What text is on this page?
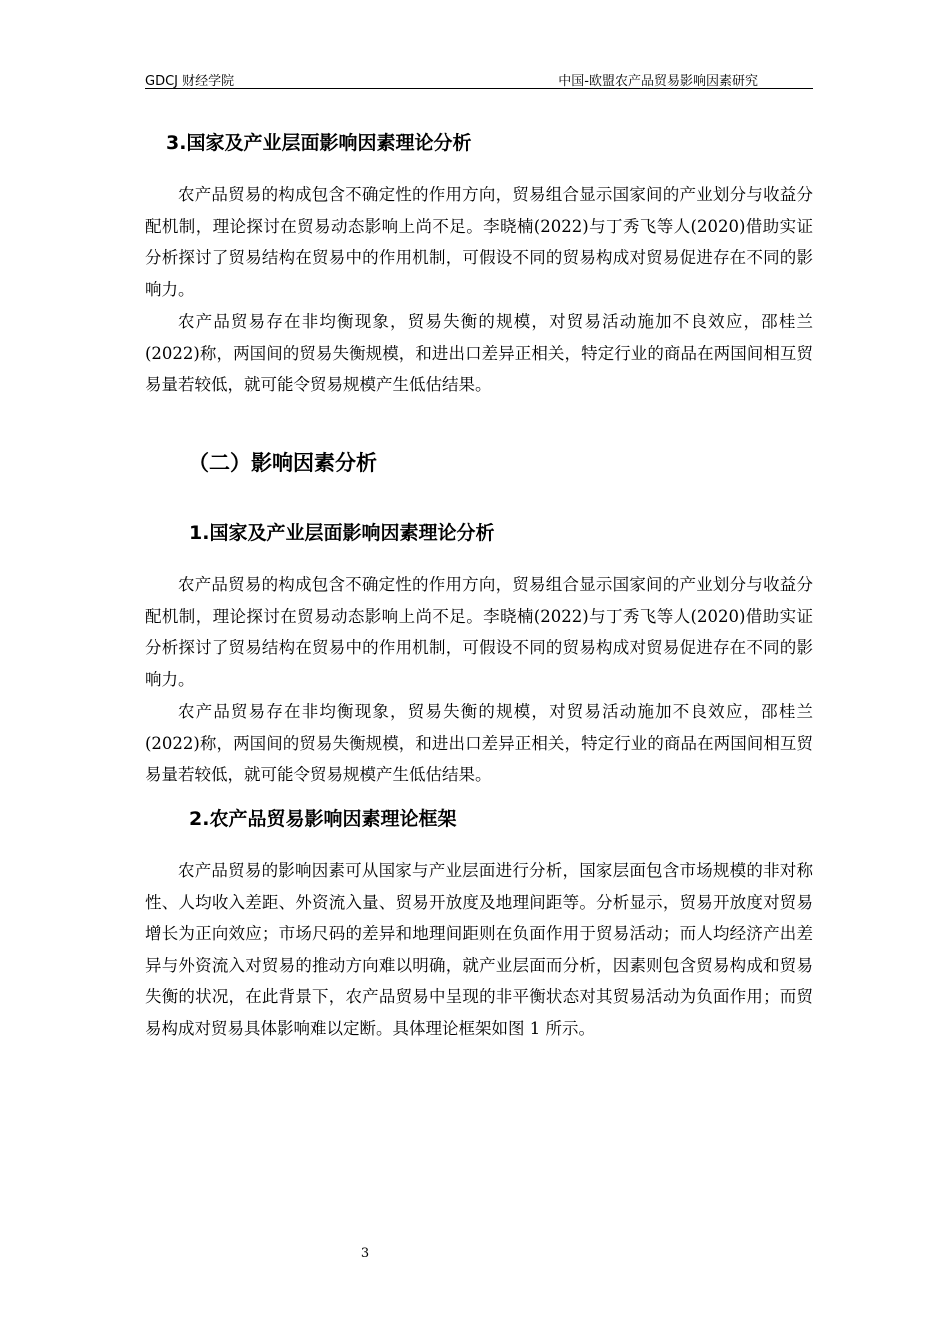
GDCJ 财经学院	中国-欧盟农产品贸易影响因素研究
3.国家及产业层面影响因素理论分析

农产品贸易的构成包含不确定性的作用方向，贸易组合显示国家间的产业划分与收益分配机制，理论探讨在贸易动态影响上尚不足。李晓楠(2022)与丁秀飞等人(2020)借助实证分析探讨了贸易结构在贸易中的作用机制，可假设不同的贸易构成对贸易促进存在不同的影响力。

农产品贸易存在非均衡现象，贸易失衡的规模，对贸易活动施加不良效应，邵桂兰(2022)称，两国间的贸易失衡规模，和进出口差异正相关，特定行业的商品在两国间相互贸易量若较低，就可能令贸易规模产生低估结果。

（二）影响因素分析
1.国家及产业层面影响因素理论分析

农产品贸易的构成包含不确定性的作用方向，贸易组合显示国家间的产业划分与收益分配机制，理论探讨在贸易动态影响上尚不足。李晓楠(2022)与丁秀飞等人(2020)借助实证分析探讨了贸易结构在贸易中的作用机制，可假设不同的贸易构成对贸易促进存在不同的影响力。

农产品贸易存在非均衡现象，贸易失衡的规模，对贸易活动施加不良效应，邵桂兰(2022)称，两国间的贸易失衡规模，和进出口差异正相关，特定行业的商品在两国间相互贸易量若较低，就可能令贸易规模产生低估结果。

2.农产品贸易影响因素理论框架

农产品贸易的影响因素可从国家与产业层面进行分析，国家层面包含市场规模的非对称性、人均收入差距、外资流入量、贸易开放度及地理间距等。分析显示，贸易开放度对贸易增长为正向效应；市场尺码的差异和地理间距则在负面作用于贸易活动；而人均经济产出差异与外资流入对贸易的推动方向难以明确，就产业层面而分析，因素则包含贸易构成和贸易失衡的状况，在此背景下，农产品贸易中呈现的非平衡状态对其贸易活动为负面作用；而贸易构成对贸易具体影响难以定断。具体理论框架如图 1 所示。

3
